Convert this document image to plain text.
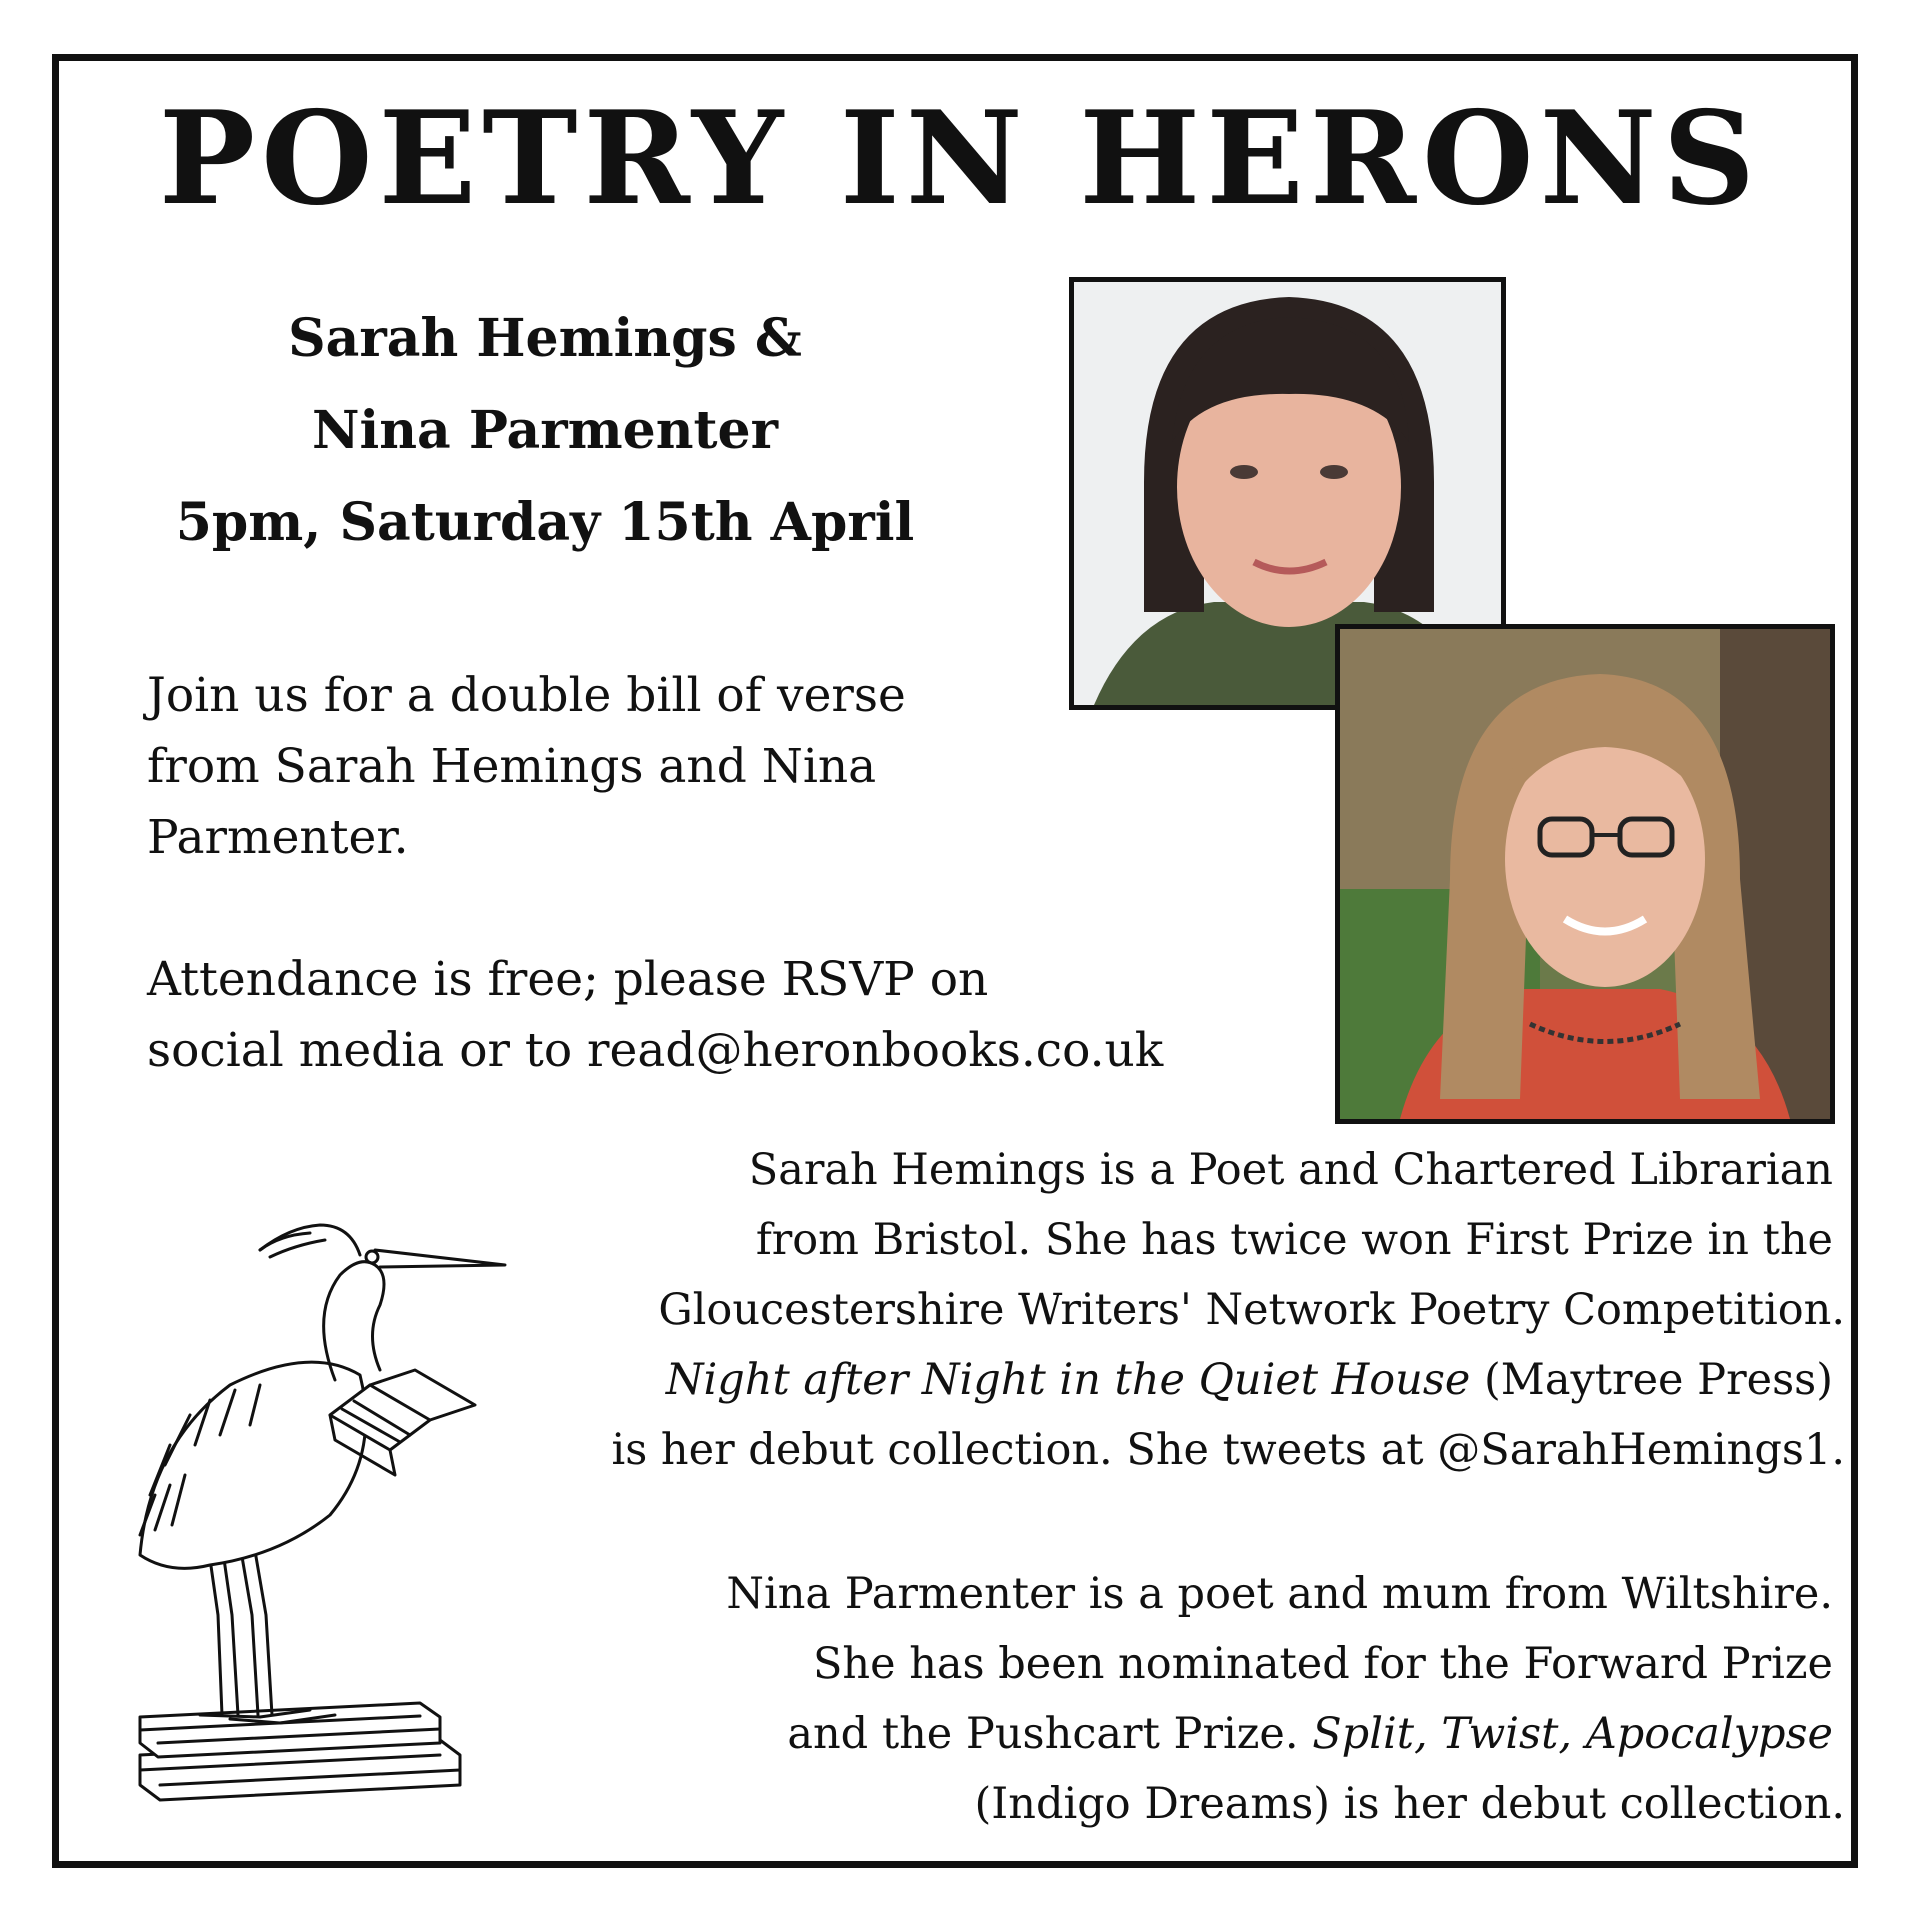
POETRY IN HERONS
Sarah Hemings &
Nina Parmenter
5pm, Saturday 15th April
Join us for a double bill of verse
from Sarah Hemings and Nina
Parmenter.
Attendance is free; please RSVP on
social media or to read@heronbooks.co.uk
Sarah Hemings is a Poet and Chartered Librarian
from Bristol. She has twice won First Prize in the
Gloucestershire Writers' Network Poetry Competition.
Night after Night in the Quiet House (Maytree Press)
is her debut collection. She tweets at @SarahHemings1.
Nina Parmenter is a poet and mum from Wiltshire.
She has been nominated for the Forward Prize
and the Pushcart Prize. Split, Twist, Apocalypse
(Indigo Dreams) is her debut collection.
